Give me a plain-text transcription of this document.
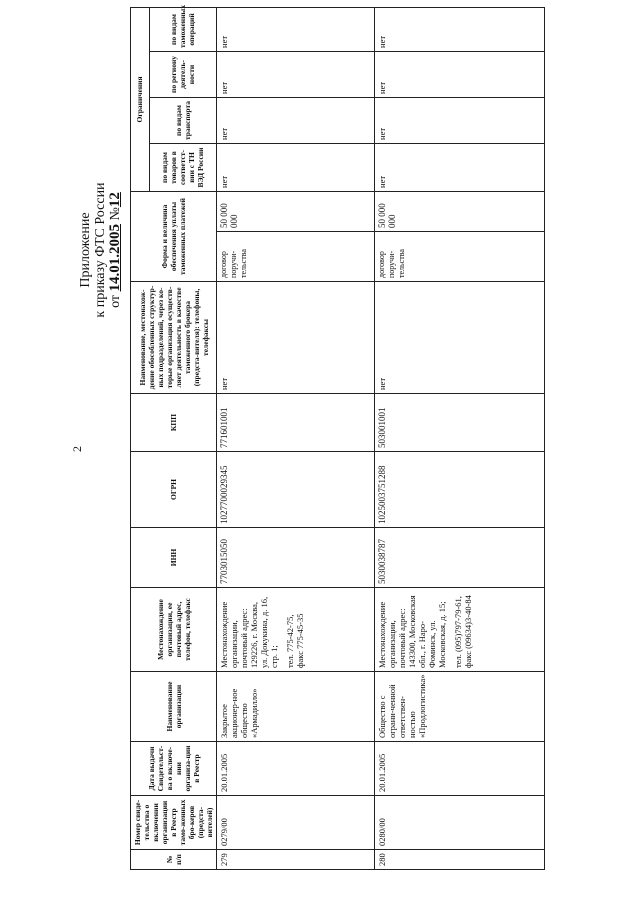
2
Приложение к приказу ФТС России от 14.01.2005 №12
№ п/п	Номер свиде-тельства о включении организации в Реестр тамо-женных бро-керов (предста-вителей)	Дата выдачи Свидетельст-ва о включе-нии организа-ции в Реестр	Наименование организации	Местонахождение организации, ее почтовый адрес, телефон, телефакс	ИНН	ОГРН	КПП	Наименование, местонахож-дение обособленных структур-ных подразделений, через ко-торые организация осуществ-ляет деятельность в качестве таможенного брокера (предста-вителя): телефоны, телефаксы	Форма и величина обеспечения уплаты таможенных платежей		Ограничения			
											по видам товаров в соответст-вии с ТН ВЭД России	по видам транспорта	по региону деятель-ности	по видам таможенных операций
279	0279/00	20.01.2005	Закрытое акционер-ное общество «Армадилло»	Местонахождение организации, почтовый адрес: 129226, г. Москва, ул. Докукина, д. 16, стр. 1; тел. 775-42-75, факс 775-45-35	7703015050	1027700029345	771601001	нет	договор поручи-тельства	50 000 000	нет	нет	нет	нет
280	0280/00	20.01.2005	Общество с ограни-ченной ответствен-ностью «Продлогистика»	Местонахождение организации, почтовый адрес: 143300, Московская обл., г. Наро-Фоминск, ул. Московская, д. 15; тел. (095)797-79-61, факс (09634)3-40-84	5030038787	1025003751288	503001001	нет	договор поручи-тельства	50 000 000	нет	нет	нет	нет
